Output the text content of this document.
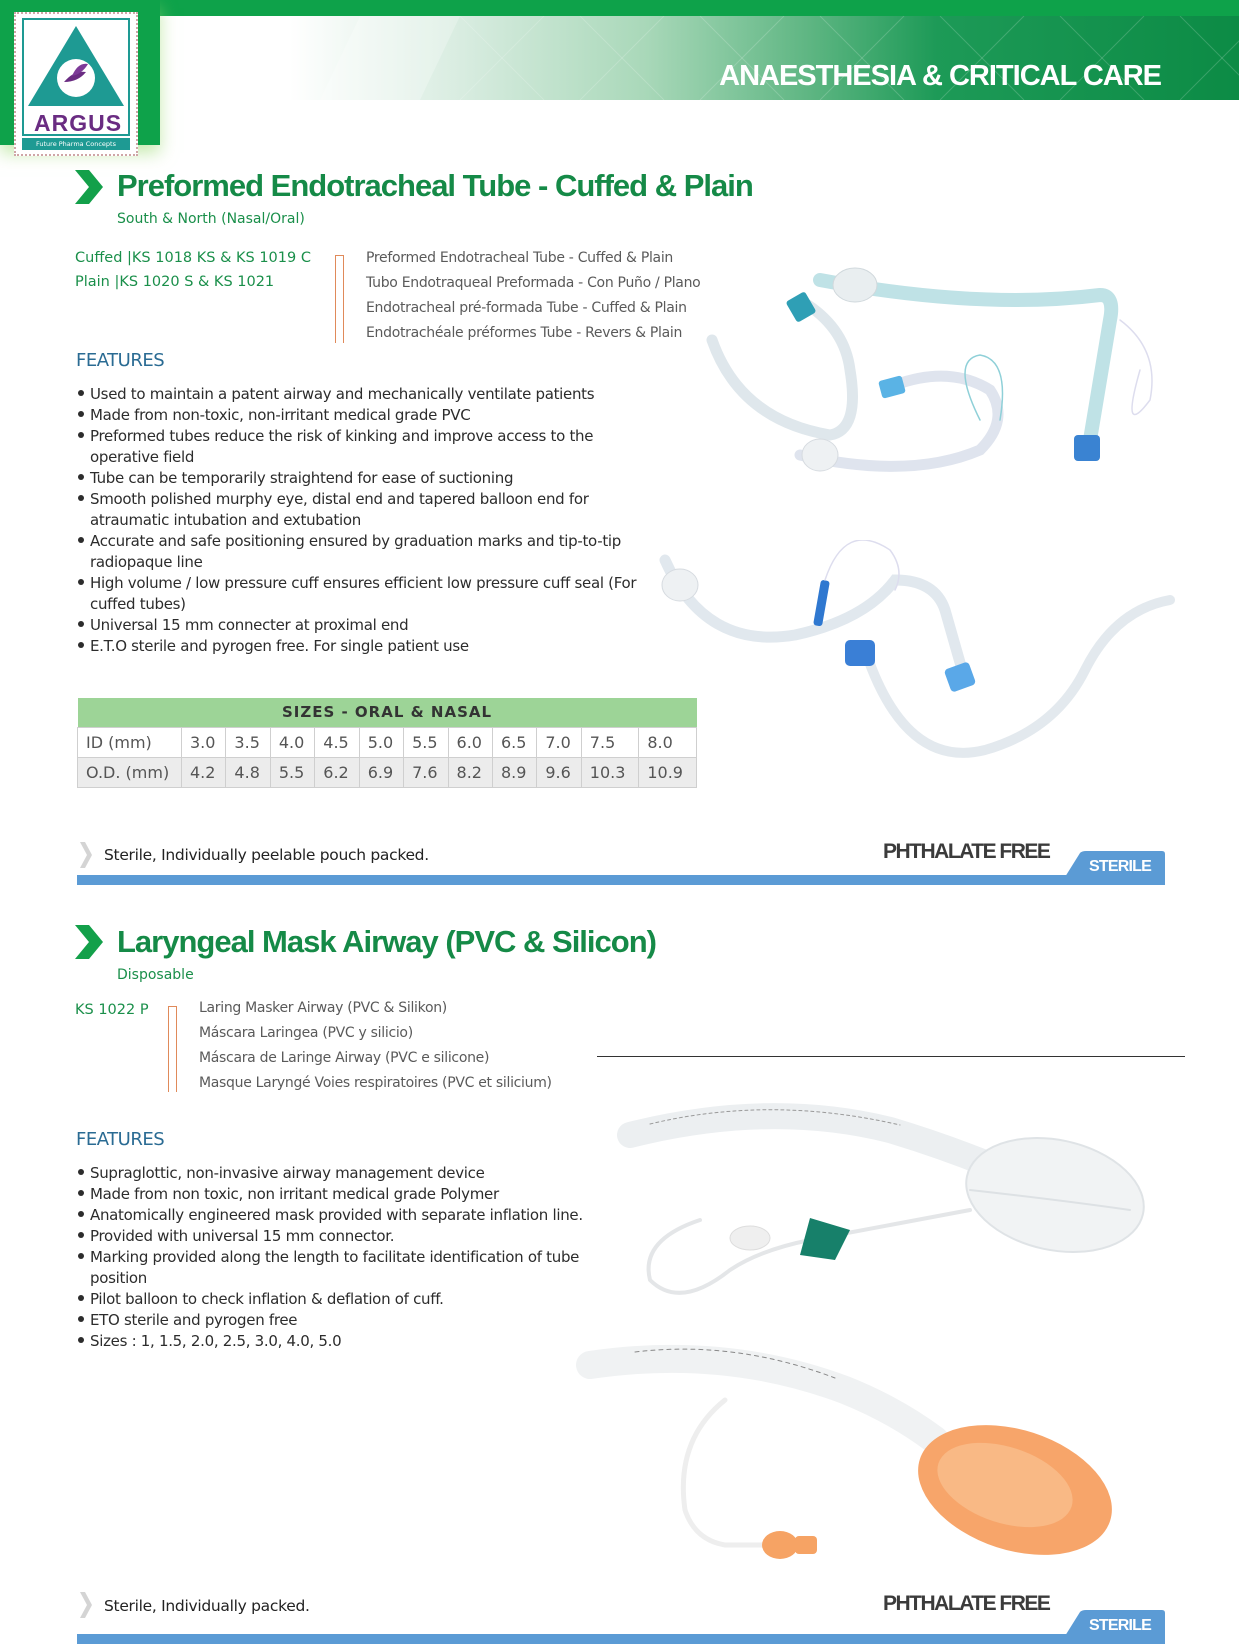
ANAESTHESIA & CRITICAL CARE
ARGUS
Future Pharma Concepts
Preformed Endotracheal Tube - Cuffed & Plain
South & North (Nasal/Oral)
Cuffed |KS 1018 KS & KS 1019 C
Plain |KS 1020 S & KS 1021
Preformed Endotracheal Tube - Cuffed & Plain
Tubo Endotraqueal Preformada - Con Puño / Plano
Endotracheal pré-formada Tube - Cuffed & Plain
Endotrachéale préformes Tube - Revers & Plain
FEATURES
Used to maintain a patent airway and mechanically ventilate patients
Made from non-toxic, non-irritant medical grade PVC
Preformed tubes reduce the risk of kinking and improve access to the operative field
Tube can be temporarily straightend for ease of suctioning
Smooth polished murphy eye, distal end and tapered balloon end for atraumatic intubation and extubation
Accurate and safe positioning ensured by graduation marks and tip-to-tip radiopaque line
High volume / low pressure cuff ensures efficient low pressure cuff seal (For cuffed tubes)
Universal 15 mm connecter at proximal end
E.T.O sterile and pyrogen free. For single patient use
SIZES - ORAL & NASAL											
ID (mm)	3.0	3.5	4.0	4.5	5.0	5.5	6.0	6.5	7.0	7.5	8.0
O.D. (mm)	4.2	4.8	5.5	6.2	6.9	7.6	8.2	8.9	9.6	10.3	10.9
Sterile, Individually peelable pouch packed.	PHTHALATE FREE
STERILE
Laryngeal Mask Airway (PVC & Silicon)
Disposable
KS 1022 P	Laring Masker Airway (PVC & Silikon)
Máscara Laringea (PVC y silicio)
Máscara de Laringe Airway (PVC e silicone)
Masque Laryngé Voies respiratoires (PVC et silicium)
FEATURES
Supraglottic, non-invasive airway management device
Made from non toxic, non irritant medical grade Polymer
Anatomically engineered mask provided with separate inflation line.
Provided with universal 15 mm connector.
Marking provided along the length to facilitate identification of tube position
Pilot balloon to check inflation & deflation of cuff.
ETO sterile and pyrogen free
Sizes : 1, 1.5, 2.0, 2.5, 3.0, 4.0, 5.0
Sterile, Individually packed.	PHTHALATE FREE
STERILE
